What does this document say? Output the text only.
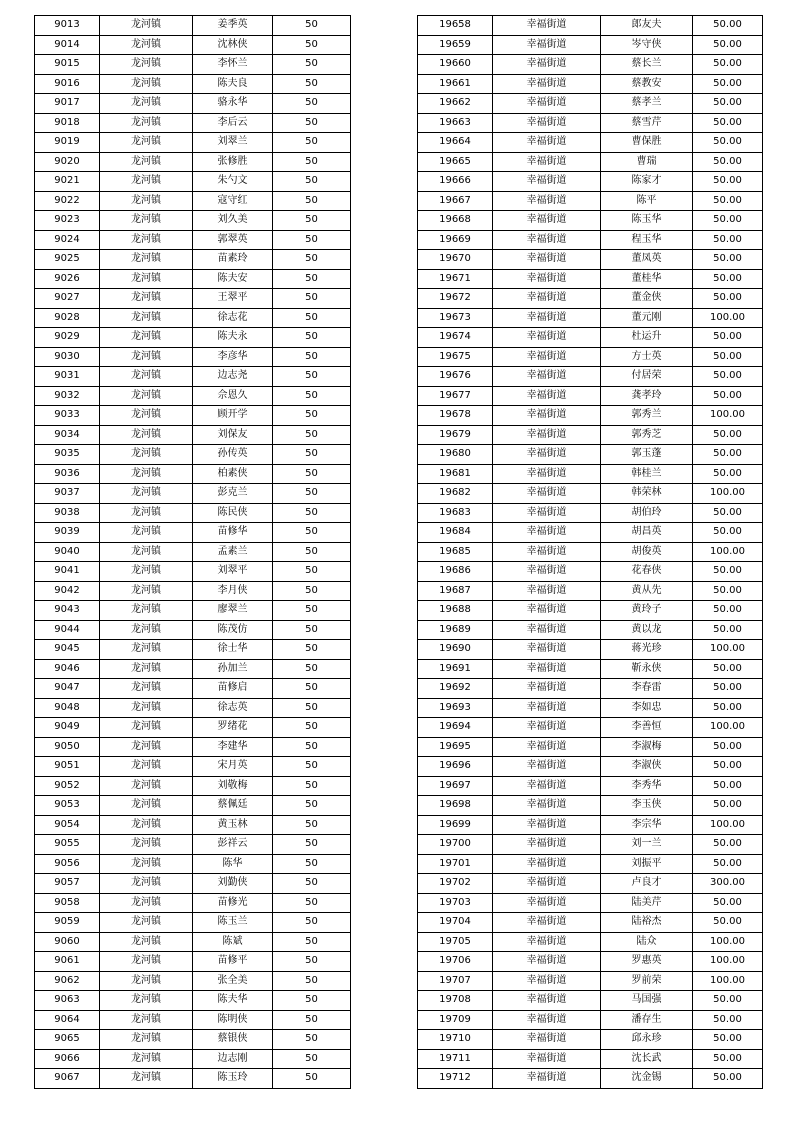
9013	龙河镇	姜季英	50
9014	龙河镇	沈林侠	50
9015	龙河镇	李怀兰	50
9016	龙河镇	陈夫良	50
9017	龙河镇	骆永华	50
9018	龙河镇	李后云	50
9019	龙河镇	刘翠兰	50
9020	龙河镇	张修胜	50
9021	龙河镇	朱勺文	50
9022	龙河镇	寇守红	50
9023	龙河镇	刘久美	50
9024	龙河镇	郭翠英	50
9025	龙河镇	苗素玲	50
9026	龙河镇	陈夫安	50
9027	龙河镇	王翠平	50
9028	龙河镇	徐志花	50
9029	龙河镇	陈夫永	50
9030	龙河镇	李彦华	50
9031	龙河镇	边志尧	50
9032	龙河镇	佘恩久	50
9033	龙河镇	顾开学	50
9034	龙河镇	刘保友	50
9035	龙河镇	孙传英	50
9036	龙河镇	柏素侠	50
9037	龙河镇	彭克兰	50
9038	龙河镇	陈民侠	50
9039	龙河镇	苗修华	50
9040	龙河镇	孟素兰	50
9041	龙河镇	刘翠平	50
9042	龙河镇	李月侠	50
9043	龙河镇	廖翠兰	50
9044	龙河镇	陈茂仿	50
9045	龙河镇	徐士华	50
9046	龙河镇	孙加兰	50
9047	龙河镇	苗修启	50
9048	龙河镇	徐志英	50
9049	龙河镇	罗绪花	50
9050	龙河镇	李建华	50
9051	龙河镇	宋月英	50
9052	龙河镇	刘敬梅	50
9053	龙河镇	蔡佩廷	50
9054	龙河镇	黄玉林	50
9055	龙河镇	彭祥云	50
9056	龙河镇	陈华	50
9057	龙河镇	刘勤侠	50
9058	龙河镇	苗修光	50
9059	龙河镇	陈玉兰	50
9060	龙河镇	陈斌	50
9061	龙河镇	苗修平	50
9062	龙河镇	张全美	50
9063	龙河镇	陈夫华	50
9064	龙河镇	陈明侠	50
9065	龙河镇	蔡银侠	50
9066	龙河镇	边志刚	50
9067	龙河镇	陈玉玲	50
19658	幸福街道	郎友夫	50.00
19659	幸福街道	岑守侠	50.00
19660	幸福街道	蔡长兰	50.00
19661	幸福街道	蔡教安	50.00
19662	幸福街道	蔡孝兰	50.00
19663	幸福街道	蔡雪芹	50.00
19664	幸福街道	曹保胜	50.00
19665	幸福街道	曹瑞	50.00
19666	幸福街道	陈家才	50.00
19667	幸福街道	陈平	50.00
19668	幸福街道	陈玉华	50.00
19669	幸福街道	程玉华	50.00
19670	幸福街道	董凤英	50.00
19671	幸福街道	董桂华	50.00
19672	幸福街道	董金侠	50.00
19673	幸福街道	董元刚	100.00
19674	幸福街道	杜运升	50.00
19675	幸福街道	方士英	50.00
19676	幸福街道	付居荣	50.00
19677	幸福街道	龚孝玲	50.00
19678	幸福街道	郭秀兰	100.00
19679	幸福街道	郭秀芝	50.00
19680	幸福街道	郭玉蓬	50.00
19681	幸福街道	韩桂兰	50.00
19682	幸福街道	韩荣林	100.00
19683	幸福街道	胡伯玲	50.00
19684	幸福街道	胡昌英	50.00
19685	幸福街道	胡俊英	100.00
19686	幸福街道	花春侠	50.00
19687	幸福街道	黄从先	50.00
19688	幸福街道	黄玲子	50.00
19689	幸福街道	黄以龙	50.00
19690	幸福街道	蒋光珍	100.00
19691	幸福街道	靳永侠	50.00
19692	幸福街道	李春雷	50.00
19693	幸福街道	李如忠	50.00
19694	幸福街道	李善恒	100.00
19695	幸福街道	李淑梅	50.00
19696	幸福街道	李淑侠	50.00
19697	幸福街道	李秀华	50.00
19698	幸福街道	李玉侠	50.00
19699	幸福街道	李宗华	100.00
19700	幸福街道	刘一兰	50.00
19701	幸福街道	刘振平	50.00
19702	幸福街道	卢良才	300.00
19703	幸福街道	陆美芹	50.00
19704	幸福街道	陆裕杰	50.00
19705	幸福街道	陆众	100.00
19706	幸福街道	罗惠英	100.00
19707	幸福街道	罗前荣	100.00
19708	幸福街道	马国强	50.00
19709	幸福街道	潘存生	50.00
19710	幸福街道	邱永珍	50.00
19711	幸福街道	沈长武	50.00
19712	幸福街道	沈金锡	50.00
